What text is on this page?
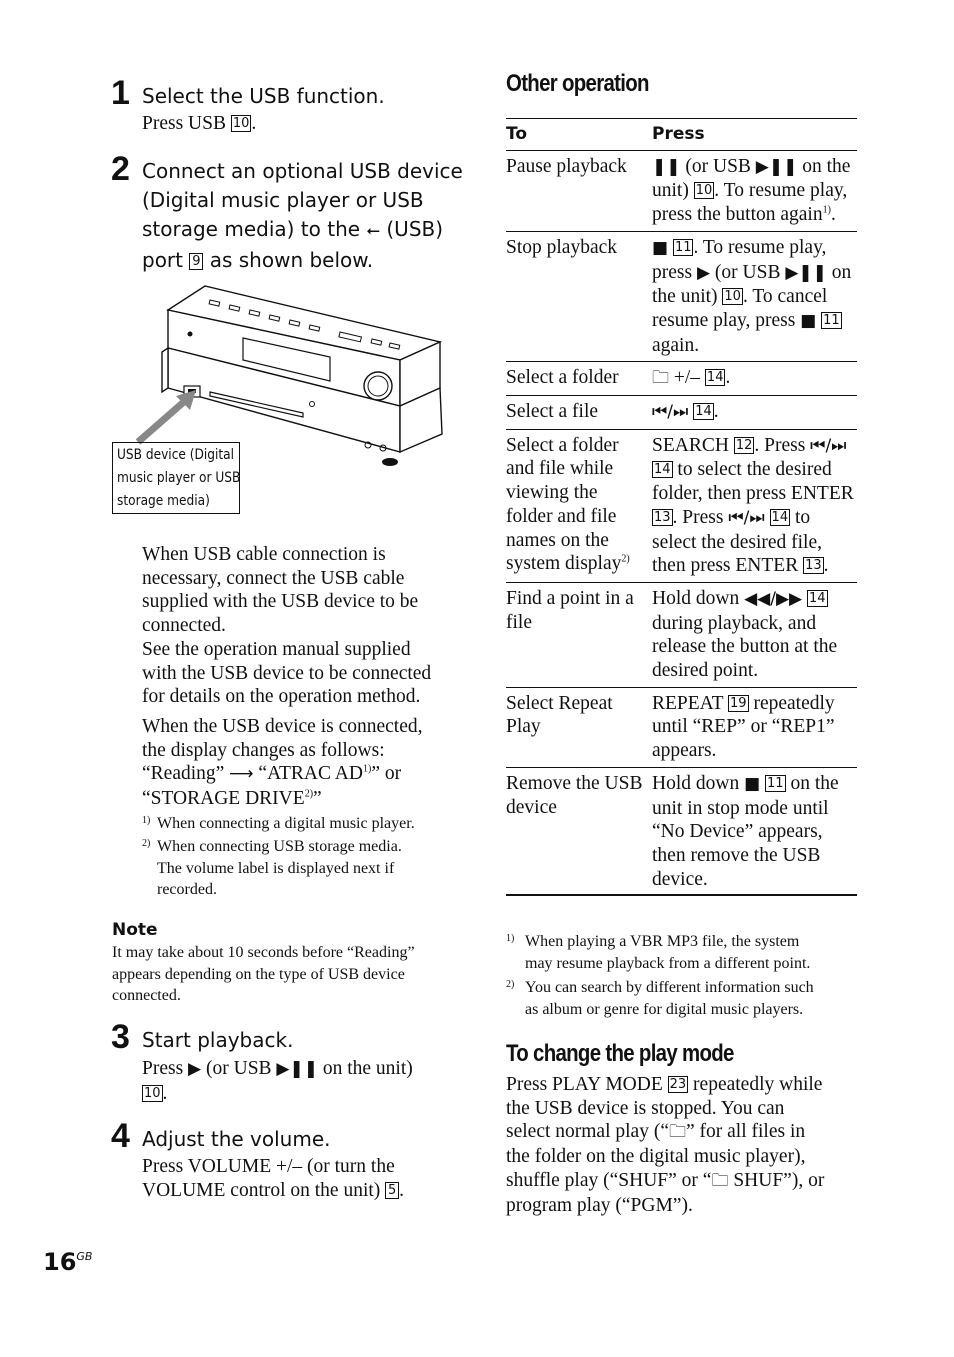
1 Select the USB function.
Press USB 10 .
2 Connect an optional USB device
(Digital music player or USB
storage media) to the ⭠ (USB)
port 9 as shown below.
USB device (Digital
music player or USB
storage media)
When USB cable connection is
necessary, connect the USB cable
supplied with the USB device to be
connected.
See the operation manual supplied
with the USB device to be connected
for details on the operation method.
When the USB device is connected,
the display changes as follows:
“Reading” ⟶ “ATRAC AD$^{1)}$” or
“STORAGE DRIVE$^{2)}$”
1) When connecting a digital music player.
2) When connecting USB storage media.
The volume label is displayed next if
recorded.
Note
It may take about 10 seconds before “Reading”
appears depending on the type of USB device
connected.
3 Start playback.
Press ▶ (or USB ▶❚❚ on the unit)
10 .
4 Adjust the volume.
Press VOLUME +/– (or turn the
VOLUME control on the unit) 5 .
$16^{GB}$
Other operation
To	Press
Pause playback	❚❚ (or USB ▶❚❚ on the unit) 10 . To resume play, press the button again$^{1)}$.
Stop playback	■ 11 . To resume play, press ▶ (or USB ▶❚❚ on the unit) 10 . To cancel resume play, press ■ 11 again.
Select a folder	🗀 +/– 14 .
Select a file	⏮/⏭ 14 .
Select a folder and file while viewing the folder and file names on the system display$^{2)}$	SEARCH 12 . Press ⏮/⏭ 14 to select the desired folder, then press ENTER 13 . Press ⏮/⏭ 14 to select the desired file, then press ENTER 13 .
Find a point in a file	Hold down ◀◀/▶▶ 14 during playback, and release the button at the desired point.
Select Repeat Play	REPEAT 19 repeatedly until “REP” or “REP1” appears.
Remove the USB device	Hold down ■ 11 on the unit in stop mode until “No Device” appears, then remove the USB device.
1) When playing a VBR MP3 file, the system
may resume playback from a different point.
2) You can search by different information such
as album or genre for digital music players.
To change the play mode
Press PLAY MODE 23 repeatedly while
the USB device is stopped. You can
select normal play (“🗀” for all files in
the folder on the digital music player),
shuffle play (“SHUF” or “🗀 SHUF”), or
program play (“PGM”).
